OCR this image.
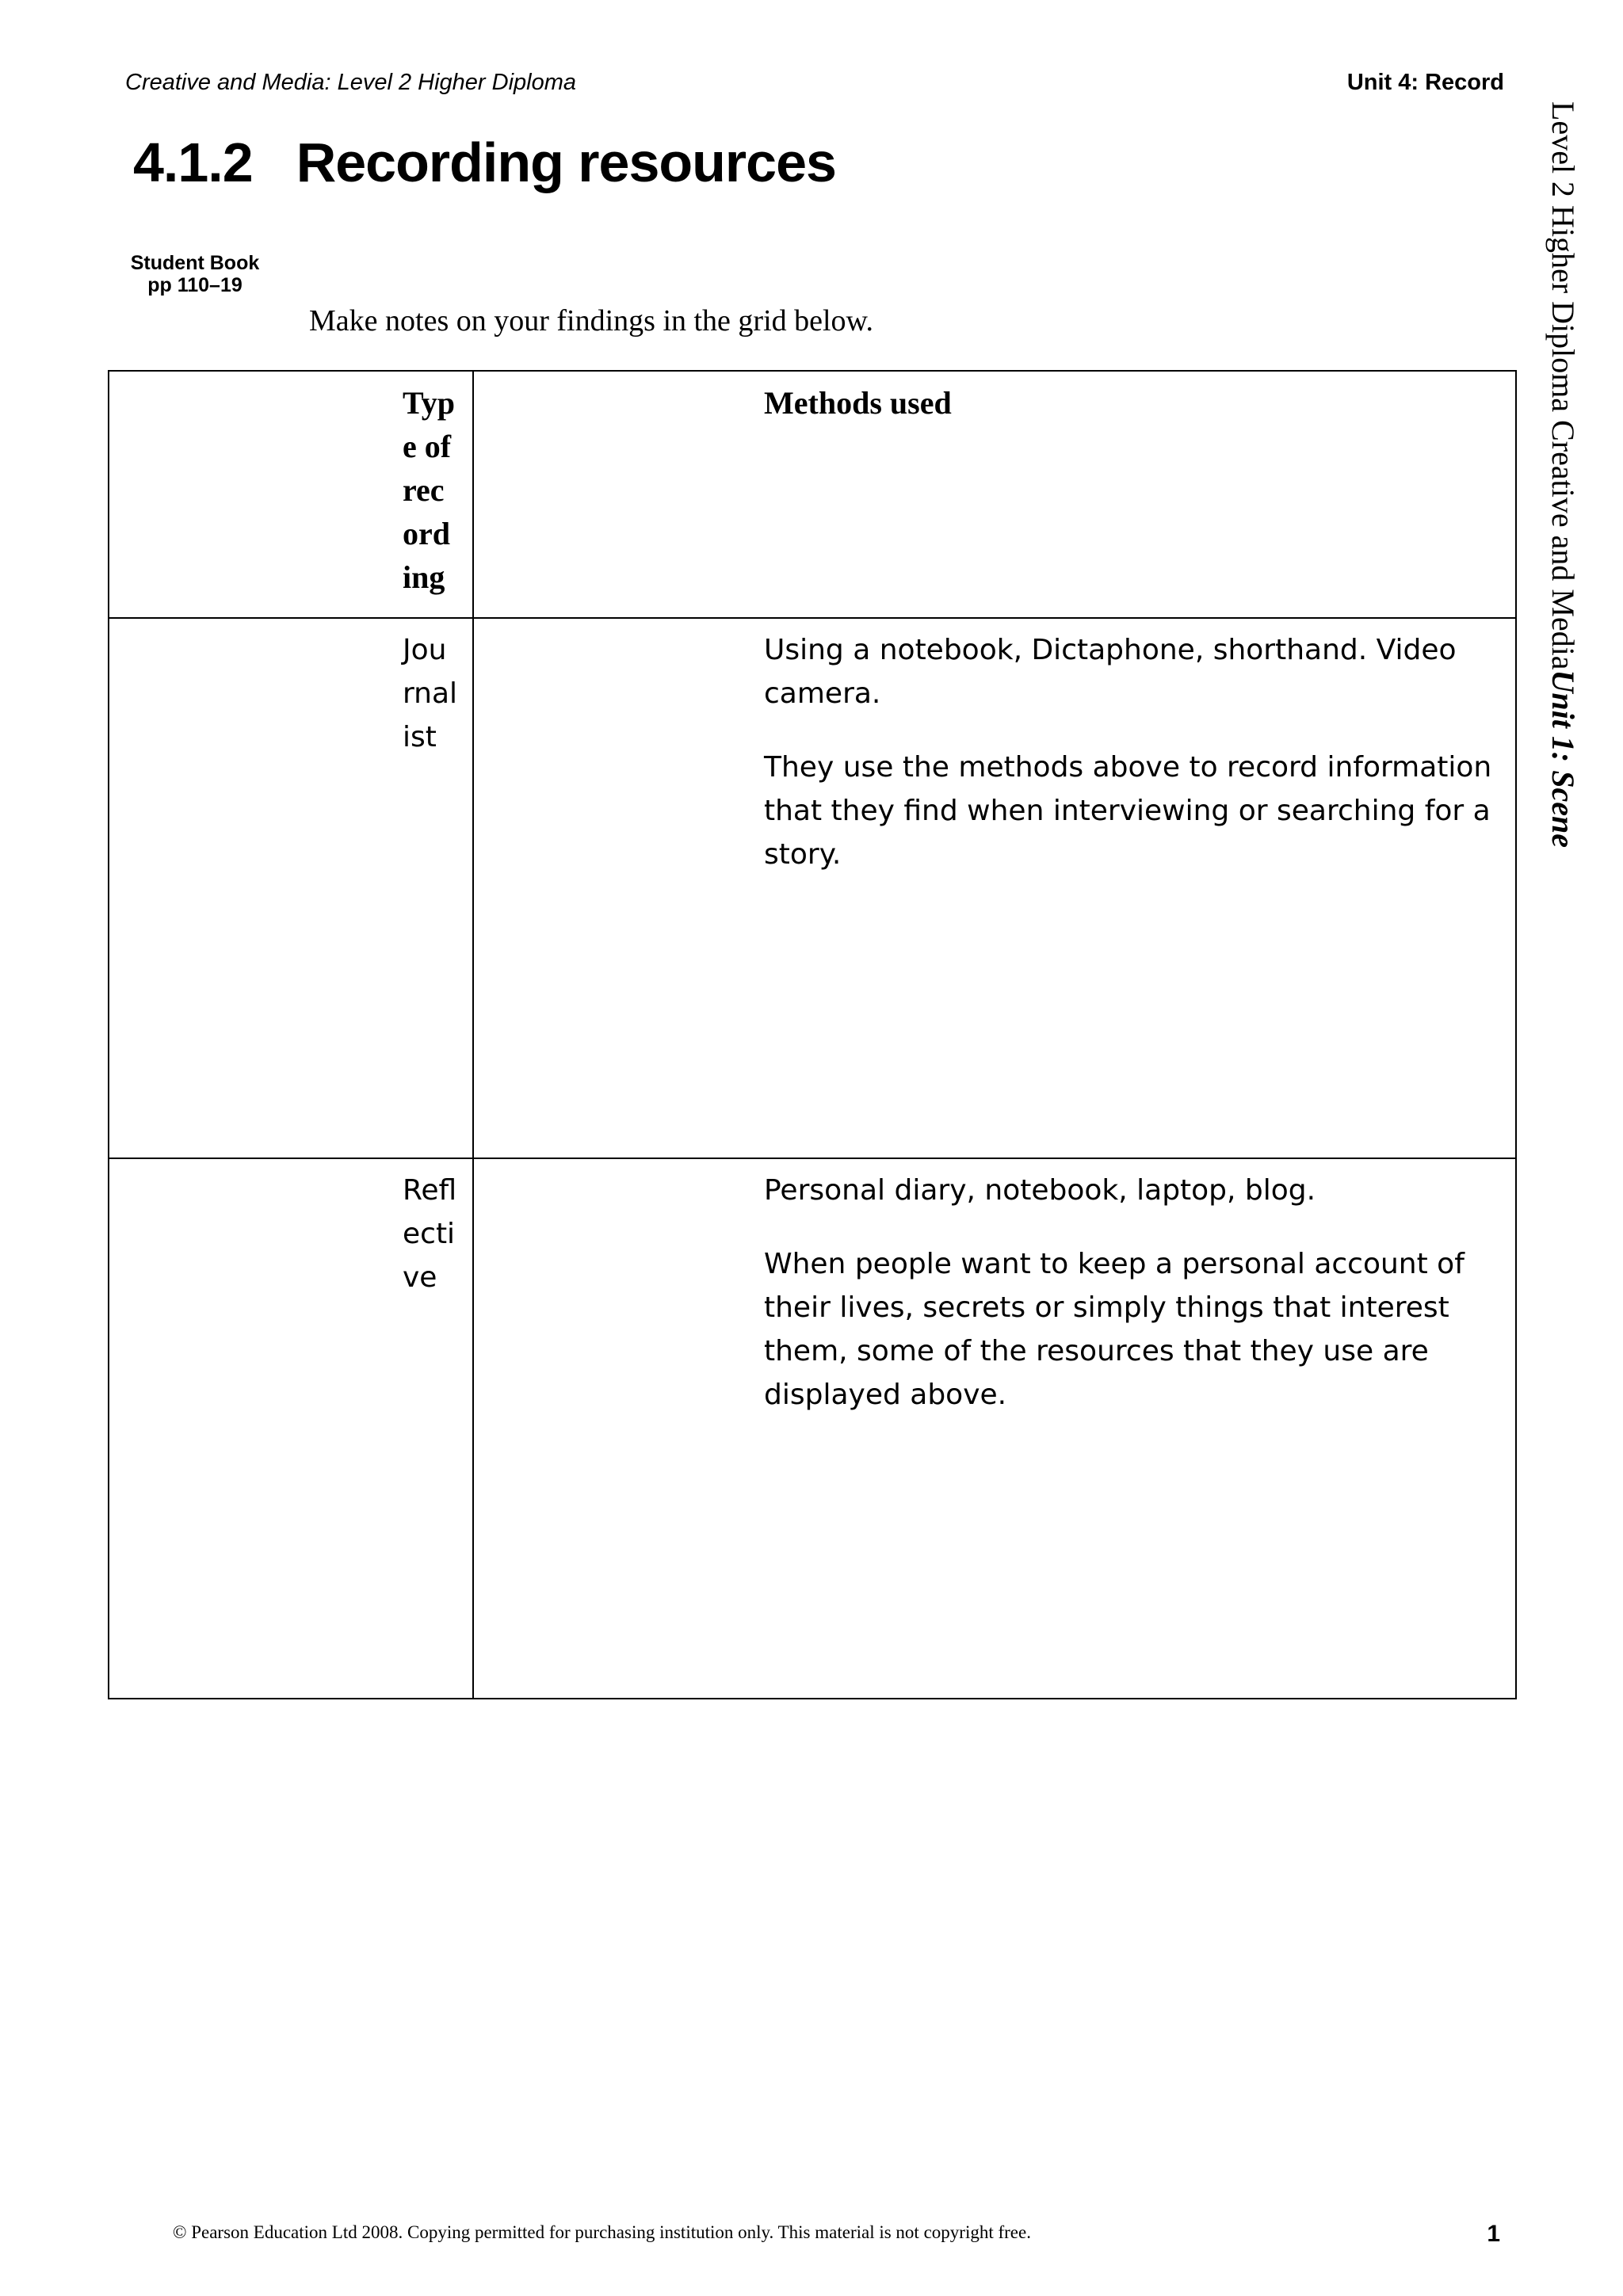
Creative and Media: Level 2 Higher Diploma	Unit 4: Record
4.1.2 Recording resources
Student Book
pp 110–19
Make notes on your findings in the grid below.
Type of recording	Methods used

Journalist	Using a notebook, Dictaphone, shorthand. Video camera.

They use the methods above to record information that they find when interviewing or searching for a story.

Reflective	Personal diary, notebook, laptop, blog.

When people want to keep a personal account of their lives, secrets or simply things that interest them, some of the resources that they use are displayed above.

Level 2 Higher Diploma Creative and MediaUnit 1: Scene
© Pearson Education Ltd 2008. Copying permitted for purchasing institution only. This material is not copyright free.	1
